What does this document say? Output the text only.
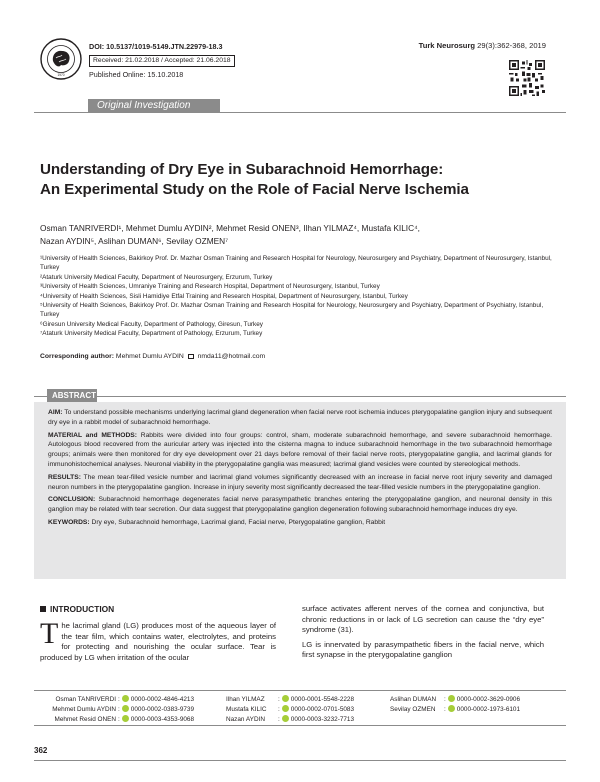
1970
DOI: 10.5137/1019-5149.JTN.22979-18.3
Received: 21.02.2018 / Accepted: 21.06.2018
Published Online: 15.10.2018
Turk Neurosurg 29(3):362-368, 2019
Original Investigation
Understanding of Dry Eye in Subarachnoid Hemorrhage:
An Experimental Study on the Role of Facial Nerve Ischemia
Osman TANRIVERDI¹, Mehmet Dumlu AYDIN², Mehmet Resid ONEN³, Ilhan YILMAZ⁴, Mustafa KILIC⁴,
Nazan AYDIN⁵, Aslihan DUMAN⁶, Sevilay OZMEN⁷
¹University of Health Sciences, Bakirkoy Prof. Dr. Mazhar Osman Training and Research Hospital for Neurology, Neurosurgery and Psychiatry, Department of Neurosurgery, Istanbul, Turkey
²Ataturk University Medical Faculty, Department of Neurosurgery, Erzurum, Turkey
³University of Health Sciences, Umraniye Training and Research Hospital, Department of Neurosurgery, Istanbul, Turkey
⁴University of Health Sciences, Sisli Hamidiye Etfal Training and Research Hospital, Department of Neurosurgery, Istanbul, Turkey
⁵University of Health Sciences, Bakirkoy Prof. Dr. Mazhar Osman Training and Research Hospital for Neurology, Neurosurgery and Psychiatry, Department of Psychiatry, Istanbul, Turkey
⁶Giresun University Medical Faculty, Department of Pathology, Giresun, Turkey
⁷Ataturk University Medical Faculty, Department of Pathology, Erzurum, Turkey
Corresponding author: Mehmet Dumlu AYDIN nmda11@hotmail.com
ABSTRACT

AIM: To understand possible mechanisms underlying lacrimal gland degeneration when facial nerve root ischemia induces pterygopalatine ganglion injury and subsequent dry eye in a rabbit model of subarachnoid hemorrhage.

MATERIAL and METHODS: Rabbits were divided into four groups: control, sham, moderate subarachnoid hemorrhage, and severe subarachnoid hemorrhage. Autologous blood recovered from the auricular artery was injected into the cisterna magna to induce subarachnoid hemorrhage in the two subarachnoid hemorrhage groups; animals were then monitored for dry eye development over 21 days before removal of their facial nerve roots, pterygopalatine ganglia, and lacrimal glands for immunohistochemical analyses. Neuronal viability in the pterygopalatine ganglia was measured; lacrimal gland vesicles were counted by stereological methods.

RESULTS: The mean tear-filled vesicle number and lacrimal gland volumes significantly decreased with an increase in facial nerve root injury severity and damaged neuron numbers in the pterygopalatine ganglion. Increase in injury severity most significantly decreased the tear-filled vesicle numbers in the pterygopalatine ganglion.

CONCLUSION: Subarachnoid hemorrhage degenerates facial nerve parasympathetic branches entering the pterygopalatine ganglion, and neuronal density in this ganglion may be related with tear secretion. Our data suggest that pterygopalatine ganglion degeneration following subarachnoid hemorrhage induces dry eye.

KEYWORDS: Dry eye, Subarachnoid hemorrhage, Lacrimal gland, Facial nerve, Pterygopalatine ganglion, Rabbit

INTRODUCTION
The lacrimal gland (LG) produces most of the aqueous layer of the tear film, which contains water, electrolytes, and proteins for protecting and nourishing the ocular surface. Tear is produced by LG when irritation of the ocular

surface activates afferent nerves of the cornea and conjunctiva, but chronic reductions in or lack of LG secretion can cause the “dry eye” syndrome (31).

LG is innervated by parasympathetic fibers in the facial nerve, which first synapse in the pterygopalatine ganglion

Osman TANRIVERDI : 0000-0002-4846-4213
Mehmet Dumlu AYDIN : 0000-0002-0383-9739
Mehmet Resid ONEN : 0000-0003-4353-9068
Ilhan YILMAZ : 0000-0001-5548-2228
Mustafa KILIC : 0000-0002-0701-5083
Nazan AYDIN : 0000-0003-3232-7713
Aslihan DUMAN : 0000-0002-3629-0906
Sevilay OZMEN : 0000-0002-1973-6101
362
